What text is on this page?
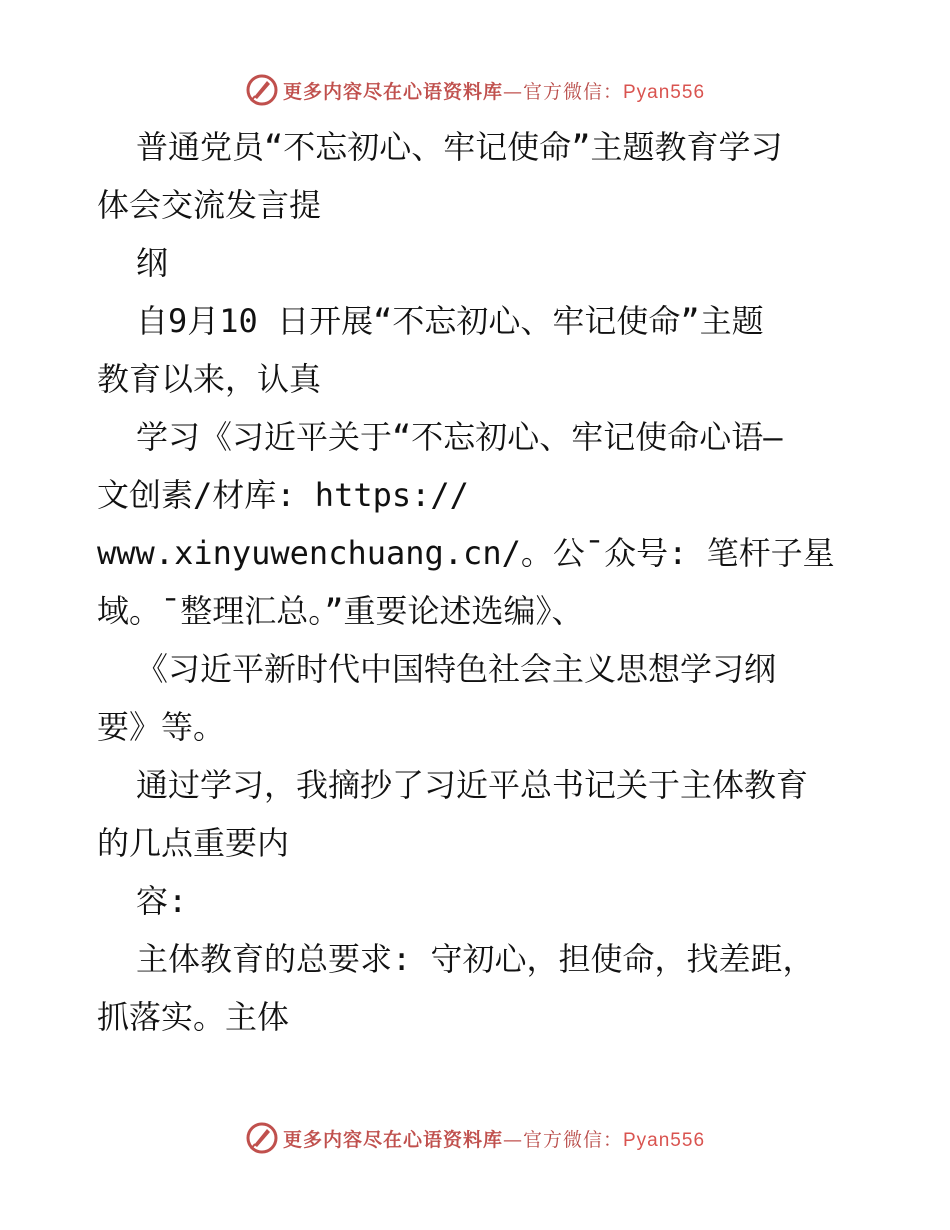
更多内容尽在心语资料库—官方微信：Pyan556
普通党员“不忘初心、牢记使命”主题教育学习
体会交流发言提
纲
自9月10 日开展“不忘初心、牢记使命”主题
教育以来，认真
学习《习近平关于“不忘初心、牢记使命心语—
文创素/材库: https://
www.xinyuwenchuang.cn/。公¯众号: 笔杆子星
域。¯整理汇总。”重要论述选编》、
《习近平新时代中国特色社会主义思想学习纲
要》等。
通过学习，我摘抄了习近平总书记关于主体教育
的几点重要内
容:
主体教育的总要求: 守初心，担使命，找差距，
抓落实。主体
更多内容尽在心语资料库—官方微信：Pyan556
